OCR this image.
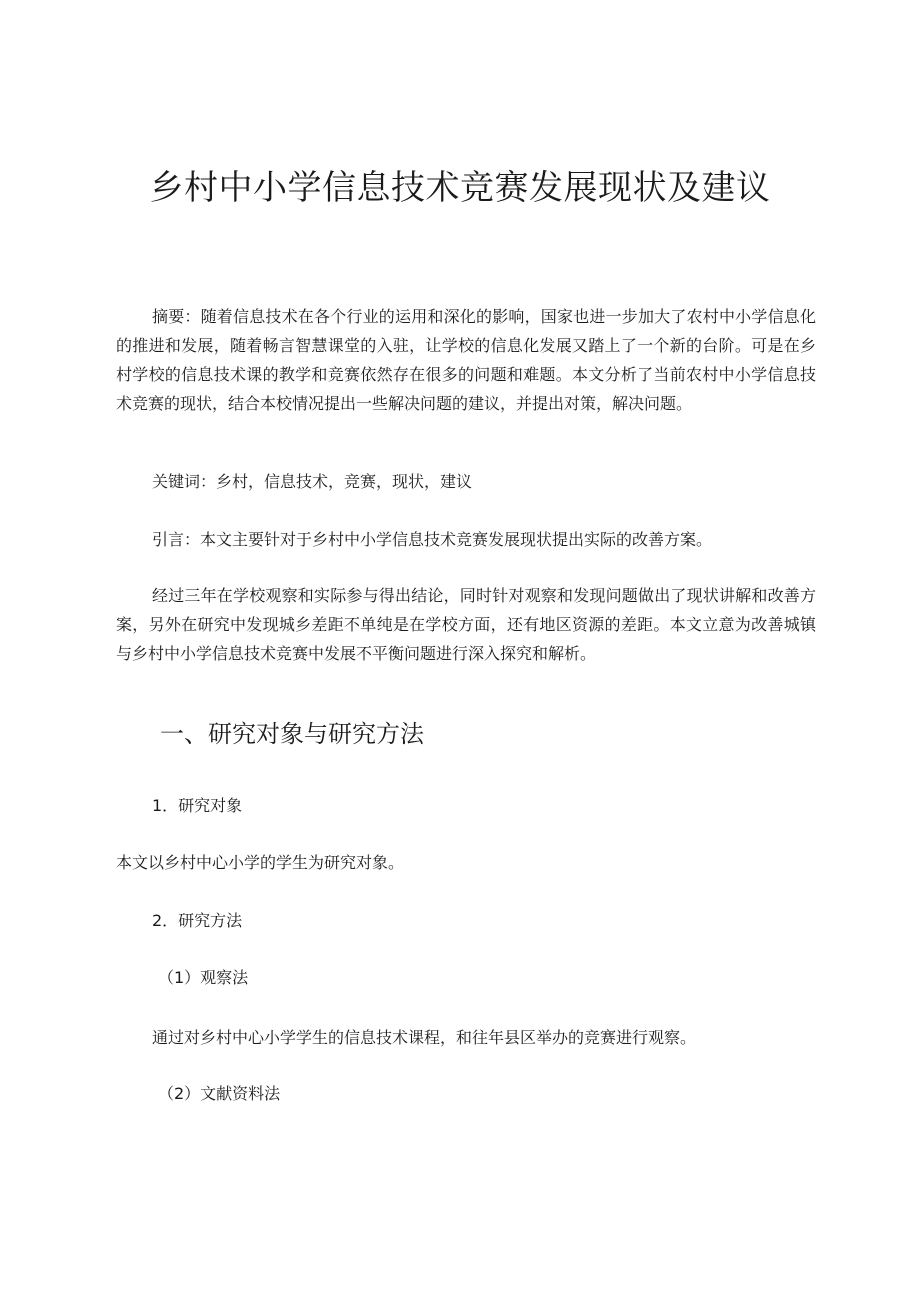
乡村中小学信息技术竞赛发展现状及建议

摘要：随着信息技术在各个行业的运用和深化的影响，国家也进一步加大了农村中小学信息化的推进和发展，随着畅言智慧课堂的入驻，让学校的信息化发展又踏上了一个新的台阶。可是在乡村学校的信息技术课的教学和竞赛依然存在很多的问题和难题。本文分析了当前农村中小学信息技术竞赛的现状，结合本校情况提出一些解决问题的建议，并提出对策，解决问题。

关键词：乡村，信息技术，竞赛，现状，建议
引言：本文主要针对于乡村中小学信息技术竞赛发展现状提出实际的改善方案。

经过三年在学校观察和实际参与得出结论，同时针对观察和发现问题做出了现状讲解和改善方案，另外在研究中发现城乡差距不单纯是在学校方面，还有地区资源的差距。本文立意为改善城镇与乡村中小学信息技术竞赛中发展不平衡问题进行深入探究和解析。

一、研究对象与研究方法
1．研究对象
本文以乡村中心小学的学生为研究对象。
2．研究方法
（1）观察法
通过对乡村中心小学学生的信息技术课程，和往年县区举办的竞赛进行观察。
（2）文献资料法
